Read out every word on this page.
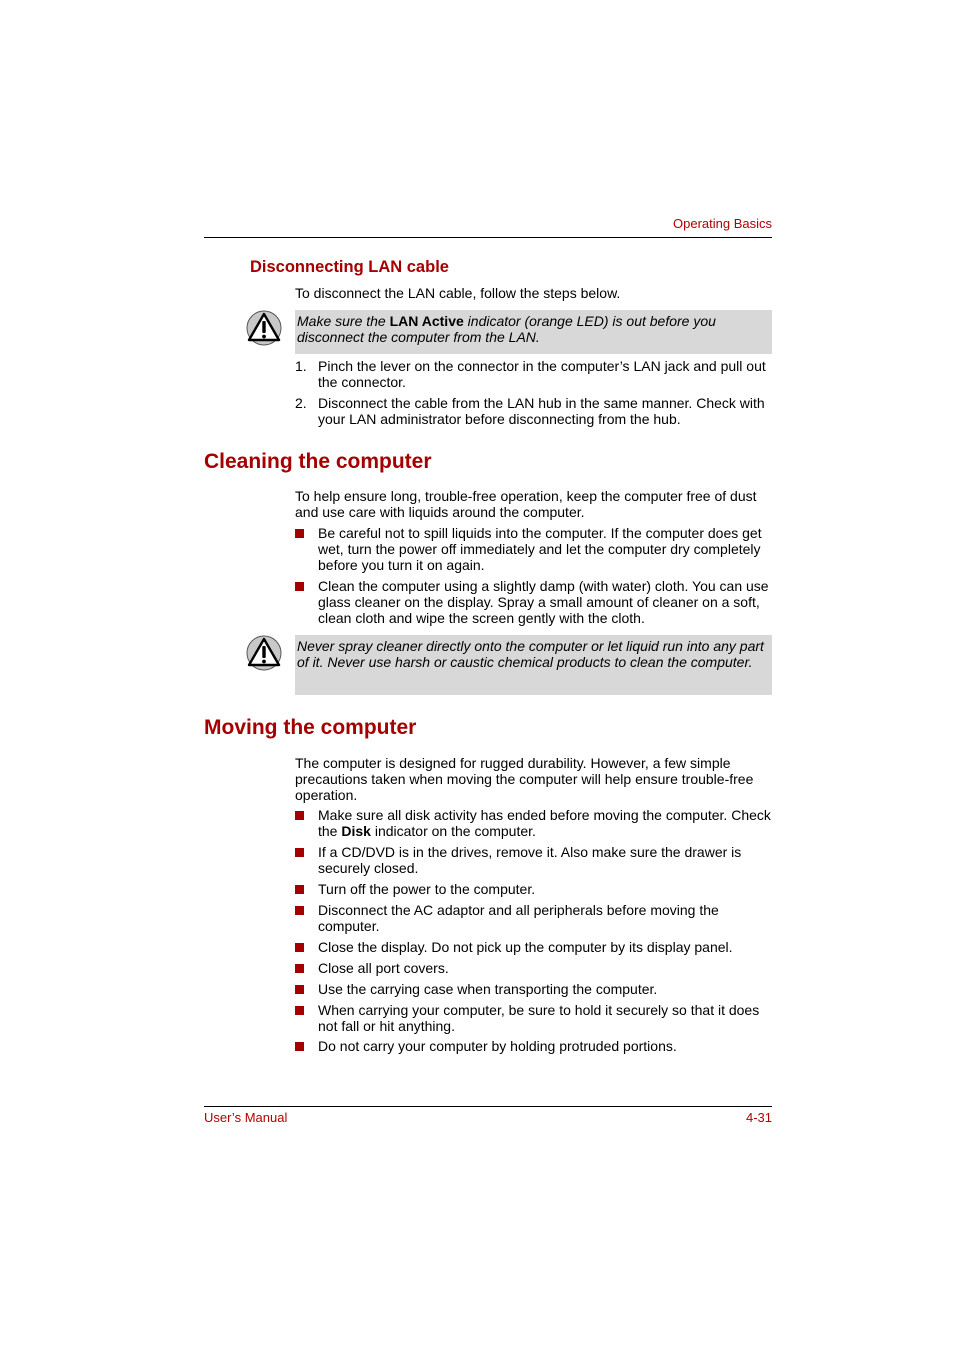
Operating Basics
Disconnecting LAN cable
To disconnect the LAN cable, follow the steps below.
Make sure the LAN Active indicator (orange LED) is out before you disconnect the computer from the LAN.
1. Pinch the lever on the connector in the computer’s LAN jack and pull out the connector.
2. Disconnect the cable from the LAN hub in the same manner. Check with your LAN administrator before disconnecting from the hub.
Cleaning the computer
To help ensure long, trouble-free operation, keep the computer free of dust and use care with liquids around the computer.
Be careful not to spill liquids into the computer. If the computer does get wet, turn the power off immediately and let the computer dry completely before you turn it on again.
Clean the computer using a slightly damp (with water) cloth. You can use glass cleaner on the display. Spray a small amount of cleaner on a soft, clean cloth and wipe the screen gently with the cloth.
Never spray cleaner directly onto the computer or let liquid run into any part of it. Never use harsh or caustic chemical products to clean the computer.
Moving the computer
The computer is designed for rugged durability. However, a few simple precautions taken when moving the computer will help ensure trouble-free operation.
Make sure all disk activity has ended before moving the computer. Check the Disk indicator on the computer.
If a CD/DVD is in the drives, remove it. Also make sure the drawer is securely closed.
Turn off the power to the computer.
Disconnect the AC adaptor and all peripherals before moving the computer.
Close the display. Do not pick up the computer by its display panel.
Close all port covers.
Use the carrying case when transporting the computer.
When carrying your computer, be sure to hold it securely so that it does not fall or hit anything.
Do not carry your computer by holding protruded portions.
User’s Manual	4-31
